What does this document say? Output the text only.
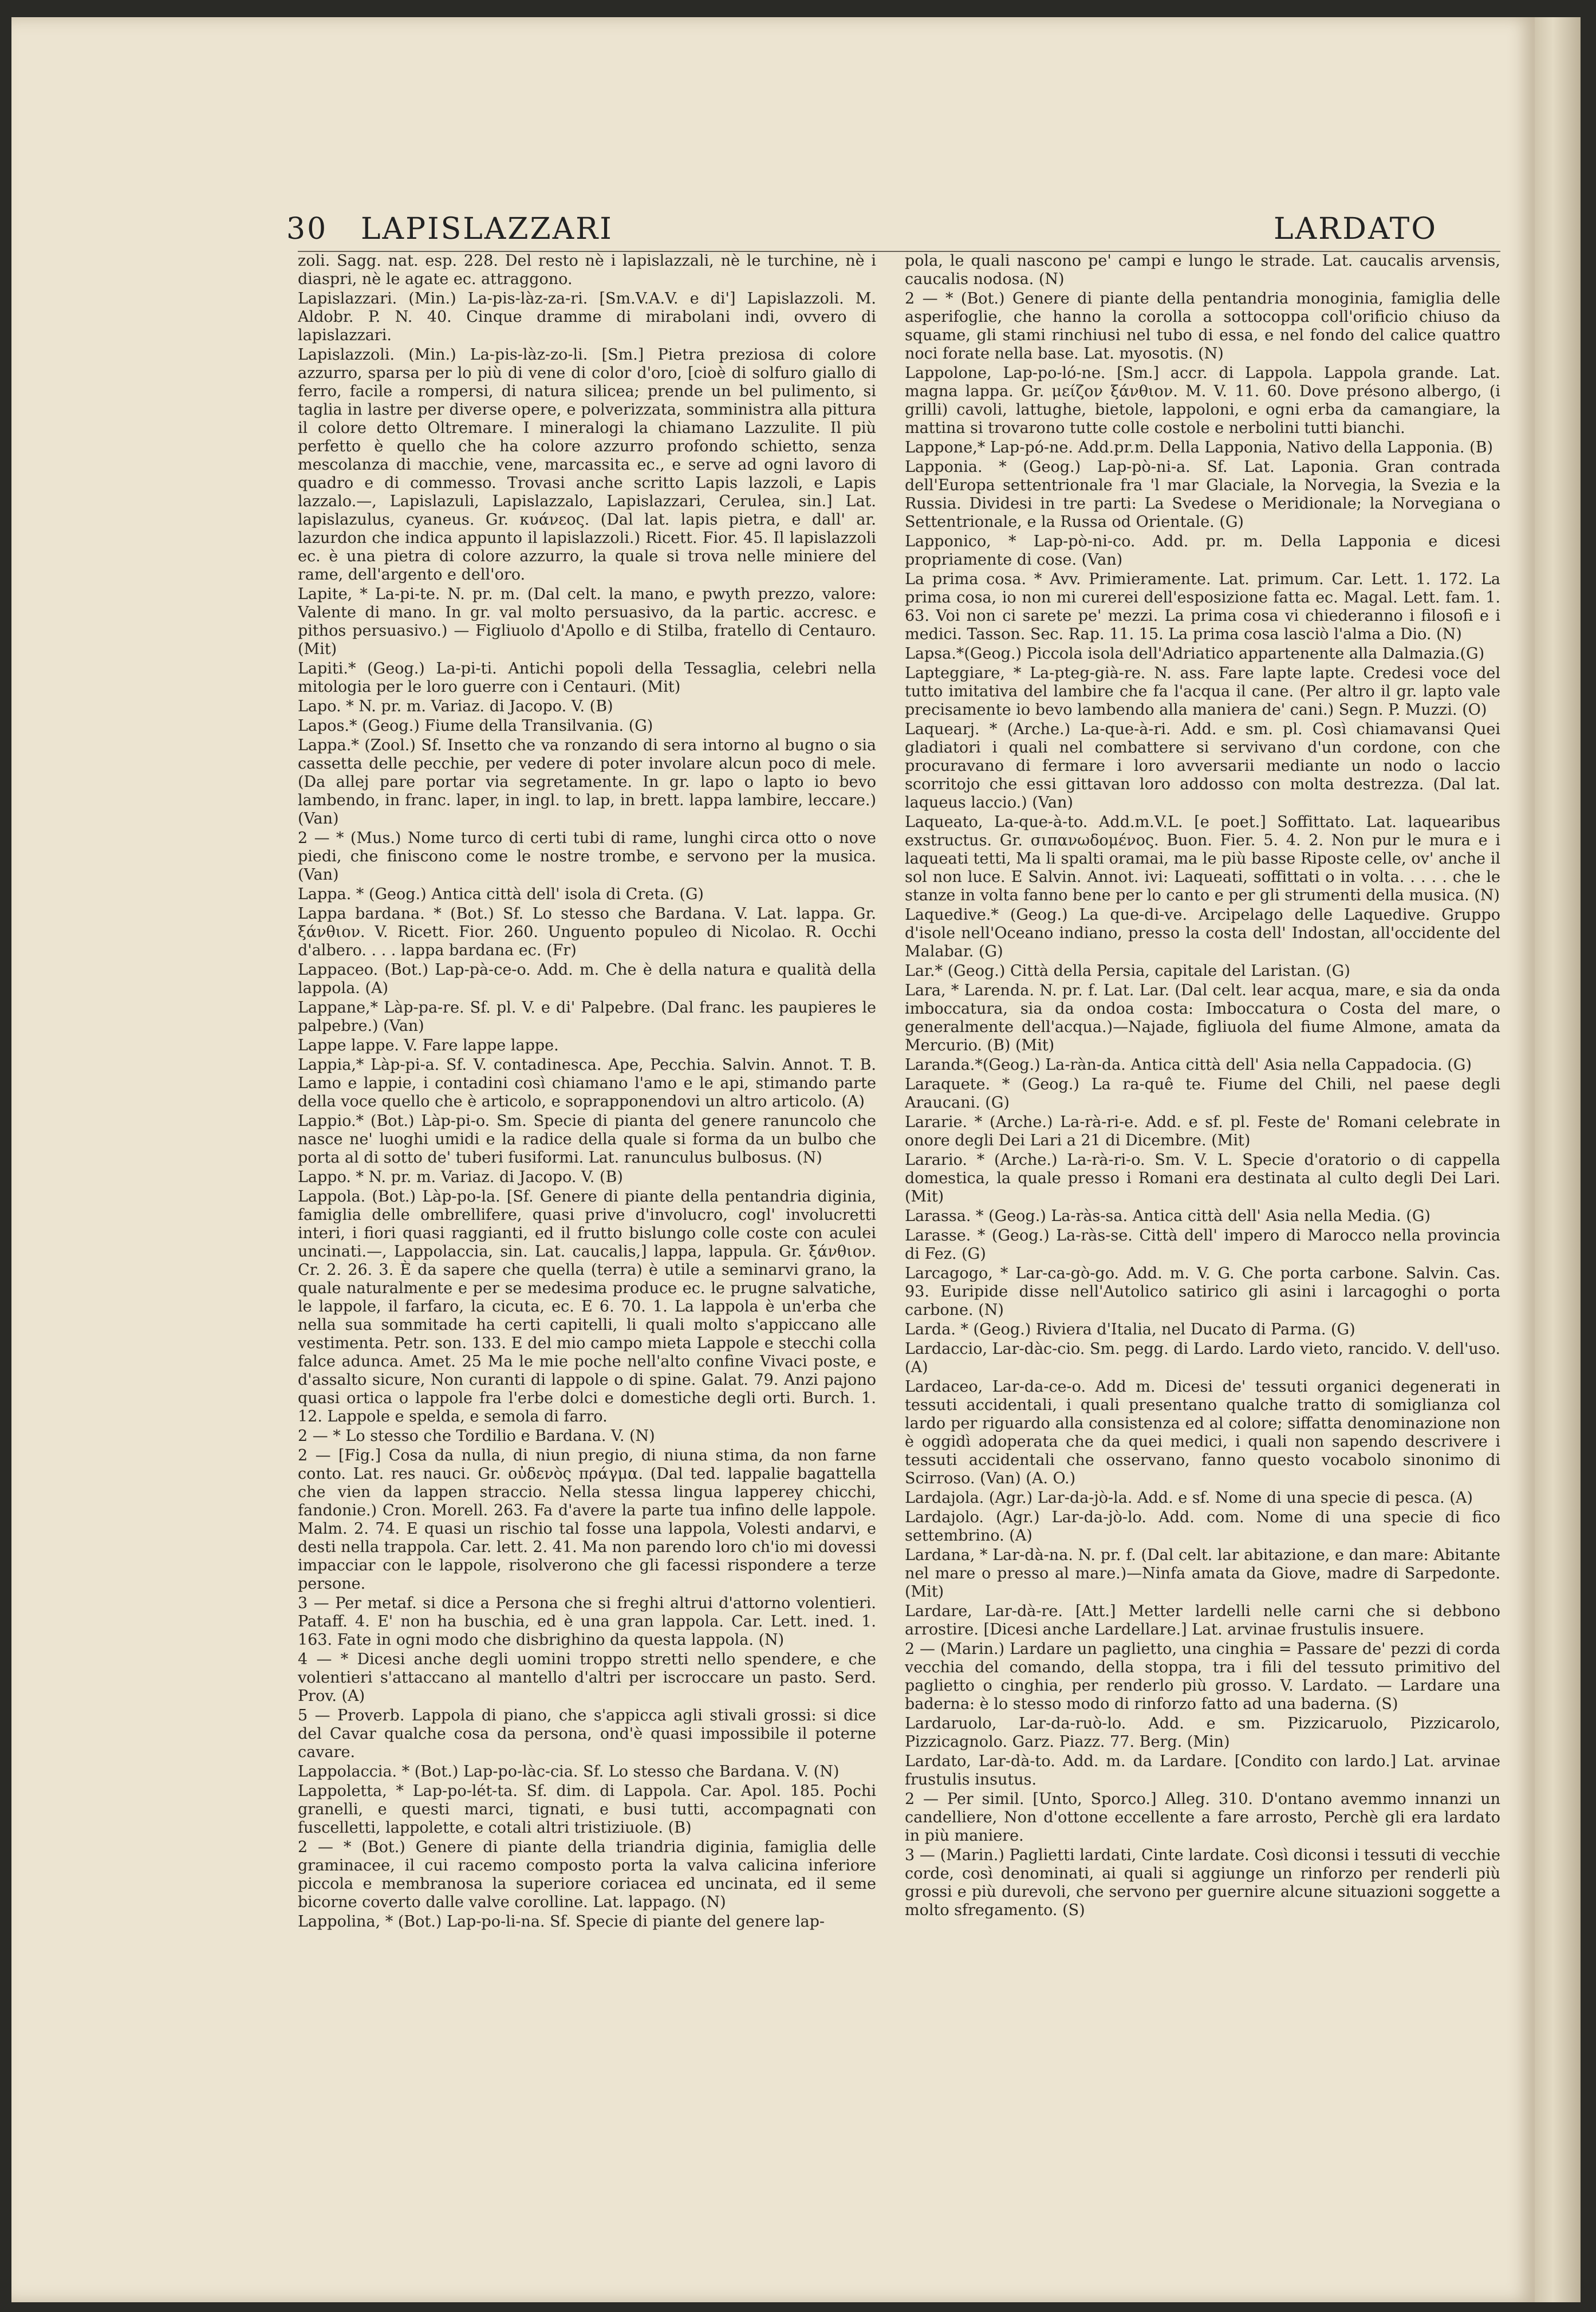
30 LAPISLAZZARI	LARDATO

zoli. Sagg. nat. esp. 228. Del resto nè i lapislazzali, nè le turchine, nè i diaspri, nè le agate ec. attraggono.

Lapislazzari. (Min.) La-pis-làz-za-ri. [Sm.V.A.V. e di'] Lapislazzoli. M. Aldobr. P. N. 40. Cinque dramme di mirabolani indi, ovvero di lapislazzari.

Lapislazzoli. (Min.) La-pis-làz-zo-li. [Sm.] Pietra preziosa di colore azzurro, sparsa per lo più di vene di color d'oro, [cioè di solfuro giallo di ferro, facile a rompersi, di natura silicea; prende un bel pulimento, si taglia in lastre per diverse opere, e polverizzata, somministra alla pittura il colore detto Oltremare. I mineralogi la chiamano Lazzulite. Il più perfetto è quello che ha colore azzurro profondo schietto, senza mescolanza di macchie, vene, marcassita ec., e serve ad ogni lavoro di quadro e di commesso. Trovasi anche scritto Lapis lazzoli, e Lapis lazzalo.—, Lapislazuli, Lapislazzalo, Lapislazzari, Cerulea, sin.] Lat. lapislazulus, cyaneus. Gr. κυάνεος. (Dal lat. lapis pietra, e dall' ar. lazurdon che indica appunto il lapislazzoli.) Ricett. Fior. 45. Il lapislazzoli ec. è una pietra di colore azzurro, la quale si trova nelle miniere del rame, dell'argento e dell'oro.

Lapite, * La-pi-te. N. pr. m. (Dal celt. la mano, e pwyth prezzo, valore: Valente di mano. In gr. val molto persuasivo, da la partic. accresc. e pithos persuasivo.) — Figliuolo d'Apollo e di Stilba, fratello di Centauro. (Mit)

Lapiti.* (Geog.) La-pi-ti. Antichi popoli della Tessaglia, celebri nella mitologia per le loro guerre con i Centauri. (Mit)

Lapo. * N. pr. m. Variaz. di Jacopo. V. (B)

Lapos.* (Geog.) Fiume della Transilvania. (G)

Lappa.* (Zool.) Sf. Insetto che va ronzando di sera intorno al bugno o sia cassetta delle pecchie, per vedere di poter involare alcun poco di mele. (Da allej pare portar via segretamente. In gr. lapo o lapto io bevo lambendo, in franc. laper, in ingl. to lap, in brett. lappa lambire, leccare.) (Van)

2 — * (Mus.) Nome turco di certi tubi di rame, lunghi circa otto o nove piedi, che finiscono come le nostre trombe, e servono per la musica. (Van)

Lappa. * (Geog.) Antica città dell' isola di Creta. (G)

Lappa bardana. * (Bot.) Sf. Lo stesso che Bardana. V. Lat. lappa. Gr. ξάνθιον. V. Ricett. Fior. 260. Unguento populeo di Nicolao. R. Occhi d'albero. . . . lappa bardana ec. (Fr)

Lappaceo. (Bot.) Lap-pà-ce-o. Add. m. Che è della natura e qualità della lappola. (A)

Lappane,* Làp-pa-re. Sf. pl. V. e di' Palpebre. (Dal franc. les paupieres le palpebre.) (Van)

Lappe lappe. V. Fare lappe lappe.

Lappia,* Làp-pi-a. Sf. V. contadinesca. Ape, Pecchia. Salvin. Annot. T. B. Lamo e lappie, i contadini così chiamano l'amo e le api, stimando parte della voce quello che è articolo, e soprapponendovi un altro articolo. (A)

Lappio.* (Bot.) Làp-pi-o. Sm. Specie di pianta del genere ranuncolo che nasce ne' luoghi umidi e la radice della quale si forma da un bulbo che porta al di sotto de' tuberi fusiformi. Lat. ranunculus bulbosus. (N)

Lappo. * N. pr. m. Variaz. di Jacopo. V. (B)

Lappola. (Bot.) Làp-po-la. [Sf. Genere di piante della pentandria diginia, famiglia delle ombrellifere, quasi prive d'involucro, cogl' involucretti interi, i fiori quasi raggianti, ed il frutto bislungo colle coste con aculei uncinati.—, Lappolaccia, sin. Lat. caucalis,] lappa, lappula. Gr. ξάνθιον. Cr. 2. 26. 3. È da sapere che quella (terra) è utile a seminarvi grano, la quale naturalmente e per se medesima produce ec. le prugne salvatiche, le lappole, il farfaro, la cicuta, ec. E 6. 70. 1. La lappola è un'erba che nella sua sommitade ha certi capitelli, li quali molto s'appiccano alle vestimenta. Petr. son. 133. E del mio campo mieta Lappole e stecchi colla falce adunca. Amet. 25 Ma le mie poche nell'alto confine Vivaci poste, e d'assalto sicure, Non curanti di lappole o di spine. Galat. 79. Anzi pajono quasi ortica o lappole fra l'erbe dolci e domestiche degli orti. Burch. 1. 12. Lappole e spelda, e semola di farro.

2 — * Lo stesso che Tordilio e Bardana. V. (N)

2 — [Fig.] Cosa da nulla, di niun pregio, di niuna stima, da non farne conto. Lat. res nauci. Gr. οὐδενὸς πράγμα. (Dal ted. lappalie bagattella che vien da lappen straccio. Nella stessa lingua lapperey chicchi, fandonie.) Cron. Morell. 263. Fa d'avere la parte tua infino delle lappole. Malm. 2. 74. E quasi un rischio tal fosse una lappola, Volesti andarvi, e desti nella trappola. Car. lett. 2. 41. Ma non parendo loro ch'io mi dovessi impacciar con le lappole, risolverono che gli facessi rispondere a terze persone.

3 — Per metaf. si dice a Persona che si freghi altrui d'attorno volentieri. Pataff. 4. E' non ha buschia, ed è una gran lappola. Car. Lett. ined. 1. 163. Fate in ogni modo che disbrighino da questa lappola. (N)

4 — * Dicesi anche degli uomini troppo stretti nello spendere, e che volentieri s'attaccano al mantello d'altri per iscroccare un pasto. Serd. Prov. (A)

5 — Proverb. Lappola di piano, che s'appicca agli stivali grossi: si dice del Cavar qualche cosa da persona, ond'è quasi impossibile il poterne cavare.

Lappolaccia. * (Bot.) Lap-po-làc-cia. Sf. Lo stesso che Bardana. V. (N)

Lappoletta, * Lap-po-lét-ta. Sf. dim. di Lappola. Car. Apol. 185. Pochi granelli, e questi marci, tignati, e busi tutti, accompagnati con fuscelletti, lappolette, e cotali altri tristiziuole. (B)

2 — * (Bot.) Genere di piante della triandria diginia, famiglia delle graminacee, il cui racemo composto porta la valva calicina inferiore piccola e membranosa la superiore coriacea ed uncinata, ed il seme bicorne coverto dalle valve corolline. Lat. lappago. (N)

Lappolina, * (Bot.) Lap-po-li-na. Sf. Specie di piante del genere lap-

pola, le quali nascono pe' campi e lungo le strade. Lat. caucalis arvensis, caucalis nodosa. (N)

2 — * (Bot.) Genere di piante della pentandria monoginia, famiglia delle asperifoglie, che hanno la corolla a sottocoppa coll'orificio chiuso da squame, gli stami rinchiusi nel tubo di essa, e nel fondo del calice quattro noci forate nella base. Lat. myosotis. (N)

Lappolone, Lap-po-ló-ne. [Sm.] accr. di Lappola. Lappola grande. Lat. magna lappa. Gr. μείζον ξάνθιον. M. V. 11. 60. Dove présono albergo, (i grilli) cavoli, lattughe, bietole, lappoloni, e ogni erba da camangiare, la mattina si trovarono tutte colle costole e nerbolini tutti bianchi.

Lappone,* Lap-pó-ne. Add.pr.m. Della Lapponia, Nativo della Lapponia. (B)

Lapponia. * (Geog.) Lap-pò-ni-a. Sf. Lat. Laponia. Gran contrada dell'Europa settentrionale fra 'l mar Glaciale, la Norvegia, la Svezia e la Russia. Dividesi in tre parti: La Svedese o Meridionale; la Norvegiana o Settentrionale, e la Russa od Orientale. (G)

Lapponico, * Lap-pò-ni-co. Add. pr. m. Della Lapponia e dicesi propriamente di cose. (Van)

La prima cosa. * Avv. Primieramente. Lat. primum. Car. Lett. 1. 172. La prima cosa, io non mi curerei dell'esposizione fatta ec. Magal. Lett. fam. 1. 63. Voi non ci sarete pe' mezzi. La prima cosa vi chiederanno i filosofi e i medici. Tasson. Sec. Rap. 11. 15. La prima cosa lasciò l'alma a Dio. (N)

Lapsa.*(Geog.) Piccola isola dell'Adriatico appartenente alla Dalmazia.(G)

Lapteggiare, * La-pteg-già-re. N. ass. Fare lapte lapte. Credesi voce del tutto imitativa del lambire che fa l'acqua il cane. (Per altro il gr. lapto vale precisamente io bevo lambendo alla maniera de' cani.) Segn. P. Muzzi. (O)

Laquearj. * (Arche.) La-que-à-ri. Add. e sm. pl. Così chiamavansi Quei gladiatori i quali nel combattere si servivano d'un cordone, con che procuravano di fermare i loro avversarii mediante un nodo o laccio scorritojo che essi gittavan loro addosso con molta destrezza. (Dal lat. laqueus laccio.) (Van)

Laqueato, La-que-à-to. Add.m.V.L. [e poet.] Soffittato. Lat. laquearibus exstructus. Gr. σιπανωδομένος. Buon. Fier. 5. 4. 2. Non pur le mura e i laqueati tetti, Ma li spalti oramai, ma le più basse Riposte celle, ov' anche il sol non luce. E Salvin. Annot. ivi: Laqueati, soffittati o in volta. . . . . che le stanze in volta fanno bene per lo canto e per gli strumenti della musica. (N)

Laquedive.* (Geog.) La que-di-ve. Arcipelago delle Laquedive. Gruppo d'isole nell'Oceano indiano, presso la costa dell' Indostan, all'occidente del Malabar. (G)

Lar.* (Geog.) Città della Persia, capitale del Laristan. (G)

Lara, * Larenda. N. pr. f. Lat. Lar. (Dal celt. lear acqua, mare, e sia da onda imboccatura, sia da ondoa costa: Imboccatura o Costa del mare, o generalmente dell'acqua.)—Najade, figliuola del fiume Almone, amata da Mercurio. (B) (Mit)

Laranda.*(Geog.) La-ràn-da. Antica città dell' Asia nella Cappadocia. (G)

Laraquete. * (Geog.) La ra-quê te. Fiume del Chili, nel paese degli Araucani. (G)

Lararie. * (Arche.) La-rà-ri-e. Add. e sf. pl. Feste de' Romani celebrate in onore degli Dei Lari a 21 di Dicembre. (Mit)

Larario. * (Arche.) La-rà-ri-o. Sm. V. L. Specie d'oratorio o di cappella domestica, la quale presso i Romani era destinata al culto degli Dei Lari. (Mit)

Larassa. * (Geog.) La-ràs-sa. Antica città dell' Asia nella Media. (G)

Larasse. * (Geog.) La-ràs-se. Città dell' impero di Marocco nella provincia di Fez. (G)

Larcagogo, * Lar-ca-gò-go. Add. m. V. G. Che porta carbone. Salvin. Cas. 93. Euripide disse nell'Autolico satirico gli asini i larcagoghi o porta carbone. (N)

Larda. * (Geog.) Riviera d'Italia, nel Ducato di Parma. (G)

Lardaccio, Lar-dàc-cio. Sm. pegg. di Lardo. Lardo vieto, rancido. V. dell'uso. (A)

Lardaceo, Lar-da-ce-o. Add m. Dicesi de' tessuti organici degenerati in tessuti accidentali, i quali presentano qualche tratto di somiglianza col lardo per riguardo alla consistenza ed al colore; siffatta denominazione non è oggidì adoperata che da quei medici, i quali non sapendo descrivere i tessuti accidentali che osservano, fanno questo vocabolo sinonimo di Scirroso. (Van) (A. O.)

Lardajola. (Agr.) Lar-da-jò-la. Add. e sf. Nome di una specie di pesca. (A)

Lardajolo. (Agr.) Lar-da-jò-lo. Add. com. Nome di una specie di fico settembrino. (A)

Lardana, * Lar-dà-na. N. pr. f. (Dal celt. lar abitazione, e dan mare: Abitante nel mare o presso al mare.)—Ninfa amata da Giove, madre di Sarpedonte. (Mit)

Lardare, Lar-dà-re. [Att.] Metter lardelli nelle carni che si debbono arrostire. [Dicesi anche Lardellare.] Lat. arvinae frustulis insuere.

2 — (Marin.) Lardare un paglietto, una cinghia = Passare de' pezzi di corda vecchia del comando, della stoppa, tra i fili del tessuto primitivo del paglietto o cinghia, per renderlo più grosso. V. Lardato. — Lardare una baderna: è lo stesso modo di rinforzo fatto ad una baderna. (S)

Lardaruolo, Lar-da-ruò-lo. Add. e sm. Pizzicaruolo, Pizzicarolo, Pizzicagnolo. Garz. Piazz. 77. Berg. (Min)

Lardato, Lar-dà-to. Add. m. da Lardare. [Condito con lardo.] Lat. arvinae frustulis insutus.

2 — Per simil. [Unto, Sporco.] Alleg. 310. D'ontano avemmo innanzi un candelliere, Non d'ottone eccellente a fare arrosto, Perchè gli era lardato in più maniere.

3 — (Marin.) Paglietti lardati, Cinte lardate. Così diconsi i tessuti di vecchie corde, così denominati, ai quali si aggiunge un rinforzo per renderli più grossi e più durevoli, che servono per guernire alcune situazioni soggette a molto sfregamento. (S)
